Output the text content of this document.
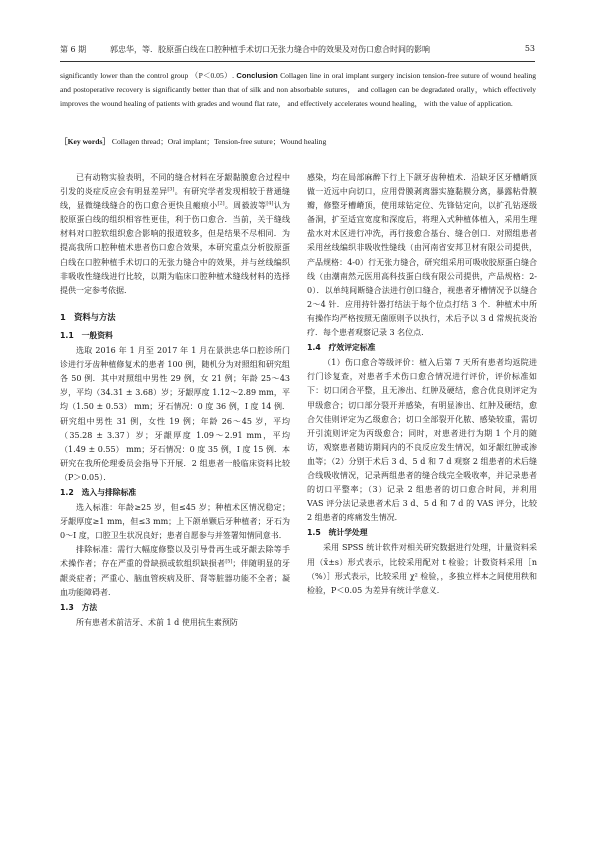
第 6 期	郭忠华，等．胶原蛋白线在口腔种植手术切口无张力缝合中的效果及对伤口愈合时间的影响	53
significantly lower than the control group （P＜0.05）. Conclusion Collagen line in oral implant surgery incision tension-free suture of wound healing and postoperative recovery is significantly better than that of silk and non absorbable sutures， and collagen can be degradated orally，which effectively improves the wound healing of patients with grades and wound flat rate， and effectively accelerates wound healing， with the value of application.
［Key words］ Collagen thread；Oral implant；Tension-free suture；Wound healing

已有动物实验表明，不同的缝合材料在牙龈黏膜愈合过程中引发的炎症反应会有明显差异[3]。有研究学者发现相较于普通缝线，显微缝线缝合的伤口愈合更快且瘢痕小[2]。周毅波等[4]认为胶原蛋白线的组织相容性更佳，利于伤口愈合．当前，关于缝线材料对口腔软组织愈合影响的报道较多，但是结果不尽相同．为提高我所口腔种植术患者伤口愈合效果，本研究重点分析胶原蛋白线在口腔种植手术切口的无张力缝合中的效果，并与丝线编织非吸收性缝线进行比较，以期为临床口腔种植术缝线材料的选择提供一定参考依据．

1　资料与方法
1.1　一般资料

选取 2016 年 1 月至 2017 年 1 月在景洪忠华口腔诊所门诊进行牙齿种植修复术的患者 100 例，随机分为对照组和研究组各 50 例．其中对照组中男性 29 例，女 21 例；年龄 25～43 岁，平均（34.31 ± 3.68）岁；牙龈厚度 1.12～2.89 mm，平均（1.50 ± 0.53） mm；牙石情况：0 度 36 例，I 度 14 例．研究组中男性 31 例，女性 19 例；年龄 26～45 岁，平均（35.28 ± 3.37）岁；牙龈厚度 1.09～2.91 mm，平均（1.49 ± 0.55） mm；牙石情况：0 度 35 例，I 度 15 例．本研究在我所伦理委员会指导下开展．2 组患者一般临床资料比较（P＞0.05）．

1.2　选入与排除标准

选入标准：年龄≥25 岁，但≤45 岁；种植术区情况稳定；牙龈厚度≥1 mm，但≤3 mm；上下颌单颗后牙种植者；牙石为 0～I 度，口腔卫生状况良好；患者自愿参与并签署知情同意书．

排除标准：需行大幅度修整以及引导骨再生或牙龈去除等手术操作者；存在严重的骨缺损或软组织缺损者[5]；伴随明显的牙龈炎症者；严重心、脑血管疾病及肝、肾等脏器功能不全者；凝血功能障碍者．

1.3　方法

所有患者术前洁牙、术前 1 d 使用抗生素预防

感染，均在局部麻醉下行上下颌牙齿种植术．沿缺牙区牙槽嵴顶做一近远中向切口，应用骨膜剥离器实施黏膜分离，暴露粘骨膜瓣，修整牙槽嵴顶，使用球钻定位、先锋钻定向，以扩孔钻逐级备洞，扩至适宜宽度和深度后，将理入式种植体植入，采用生理盐水对术区进行冲洗，再行接愈合基台、缝合创口．对照组患者采用丝线编织非吸收性缝线（由河南省安邦卫材有限公司提供，产品规格：4-0）行无张力缝合，研究组采用可吸收胶原蛋白缝合线（由潮南然元医用高科技蛋白线有限公司提供，产品规格：2-0）．以单纯间断缝合法进行创口缝合，视患者牙槽情况予以缝合 2～4 针．应用持针器打结法于每个位点打结 3 个．种植术中所有操作均严格按照无菌原则予以执行，术后予以 3 d 常规抗炎治疗．每个患者观察记录 3 名位点．

1.4　疗效评定标准

（1）伤口愈合等级评价：植入后第 7 天所有患者均返院进行门诊复查，对患者手术伤口愈合情况进行评价，评价标准如下：切口闭合平整，且无渗出、红肿及硬结，愈合优良则评定为甲级愈合；切口部分裂开并感染，有明显渗出、红肿及硬结，愈合欠佳则评定为乙级愈合；切口全部裂开化脓、感染较重，需切开引流则评定为丙级愈合；同时，对患者进行为期 1 个月的随访，观察患者随访期间内的不良反应发生情况，如牙龈红肿或渗血等；（2）分别于术后 3 d、5 d 和 7 d 观察 2 组患者的术后缝合线吸收情况，记录两组患者的缝合线完全吸收率，并记录患者的切口平整率；（3）记录 2 组患者的切口愈合时间，并利用 VAS 评分法记录患者术后 3 d、5 d 和 7 d 的 VAS 评分，比较 2 组患者的疼痛发生情况．

1.5　统计学处理

采用 SPSS 统计软件对相关研究数据进行处理，计量资料采用（x̄±s）形式表示，比较采用配对 t 检验；计数资料采用［n（%）］形式表示，比较采用 χ² 检验，，多独立样本之间使用秩和检验，P＜0.05 为差异有统计学意义．
